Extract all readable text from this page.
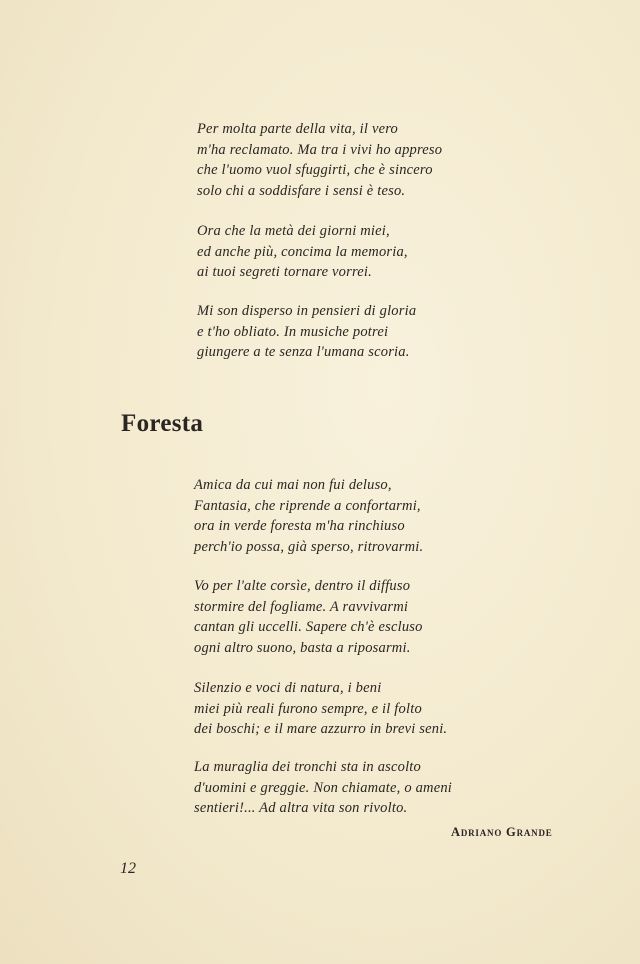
Per molta parte della vita, il vero
m'ha reclamato. Ma tra i vivi ho appreso
che l'uomo vuol sfuggirti, che è sincero
solo chi a soddisfare i sensi è teso.
Ora che la metà dei giorni miei,
ed anche più, concima la memoria,
ai tuoi segreti tornare vorrei.
Mi son disperso in pensieri di gloria
e t'ho obliato. In musiche potrei
giungere a te senza l'umana scoria.
Foresta
Amica da cui mai non fui deluso,
Fantasia, che riprende a confortarmi,
ora in verde foresta m'ha rinchiuso
perch'io possa, già sperso, ritrovarmi.
Vo per l'alte corsìe, dentro il diffuso
stormire del fogliame. A ravvivarmi
cantan gli uccelli. Sapere ch'è escluso
ogni altro suono, basta a riposarmi.
Silenzio e voci di natura, i beni
miei più reali furono sempre, e il folto
dei boschi; e il mare azzurro in brevi seni.
La muraglia dei tronchi sta in ascolto
d'uomini e greggie. Non chiamate, o ameni
sentieri!... Ad altra vita son rivolto.
Adriano Grande
12
